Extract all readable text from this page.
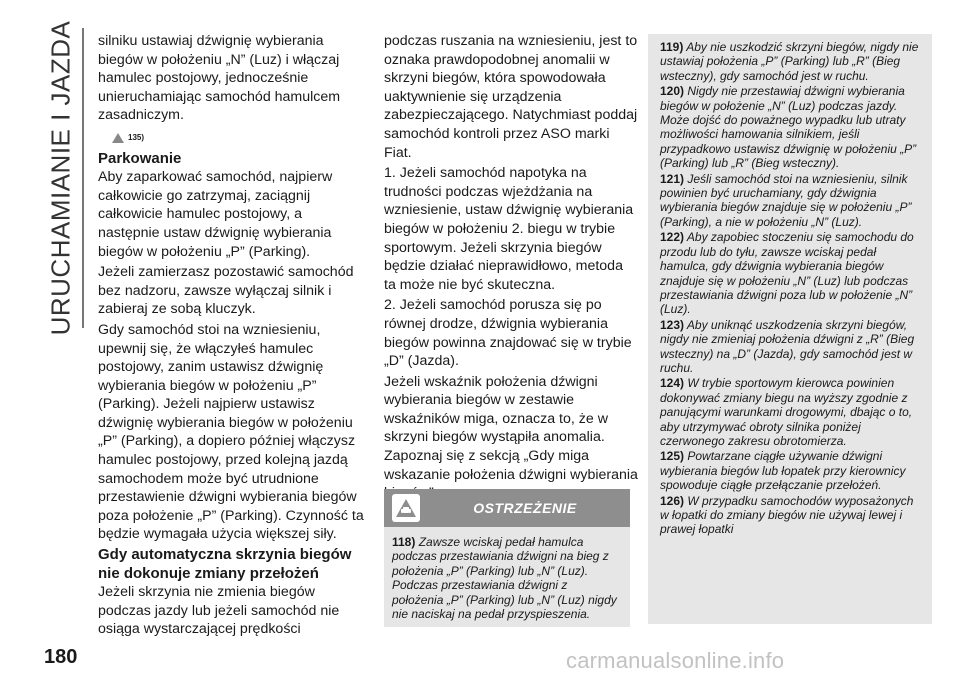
URUCHAMIANIE I JAZDA silniku ustawiaj dźwignię wybierania biegów w położeniu „N” (Luz) i włączaj hamulec postojowy, jednocześnie unieruchamiając samochód hamulcem zasadniczym.

135)
Parkowanie

Aby zaparkować samochód, najpierw całkowicie go zatrzymaj, zaciągnij całkowicie hamulec postojowy, a następnie ustaw dźwignię wybierania biegów w położeniu „P” (Parking).

Jeżeli zamierzasz pozostawić samochód bez nadzoru, zawsze wyłączaj silnik i zabieraj ze sobą kluczyk.

Gdy samochód stoi na wzniesieniu, upewnij się, że włączyłeś hamulec postojowy, zanim ustawisz dźwignię wybierania biegów w położeniu „P” (Parking). Jeżeli najpierw ustawisz dźwignię wybierania biegów w położeniu „P” (Parking), a dopiero później włączysz hamulec postojowy, przed kolejną jazdą samochodem może być utrudnione przestawienie dźwigni wybierania biegów poza położenie „P” (Parking). Czynność ta będzie wymagała użycia większej siły.

Gdy automatyczna skrzynia biegów nie dokonuje zmiany przełożeń

Jeżeli skrzynia nie zmienia biegów podczas jazdy lub jeżeli samochód nie osiąga wystarczającej prędkości

podczas ruszania na wzniesieniu, jest to oznaka prawdopodobnej anomalii w skrzyni biegów, która spowodowała uaktywnienie się urządzenia zabezpieczającego. Natychmiast poddaj samochód kontroli przez ASO marki Fiat.

1. Jeżeli samochód napotyka na trudności podczas wjeżdżania na wzniesienie, ustaw dźwignię wybierania biegów w położeniu 2. biegu w trybie sportowym. Jeżeli skrzynia biegów będzie działać nieprawidłowo, metoda ta może nie być skuteczna.

2. Jeżeli samochód porusza się po równej drodze, dźwignia wybierania biegów powinna znajdować się w trybie „D” (Jazda).

Jeżeli wskaźnik położenia dźwigni wybierania biegów w zestawie wskaźników miga, oznacza to, że w skrzyni biegów wystąpiła anomalia. Zapoznaj się z sekcją „Gdy miga wskazanie położenia dźwigni wybierania

OSTRZEŻENIE
118) Zawsze wciskaj pedał hamulca podczas przestawiania dźwigni na bieg z położenia „P” (Parking) lub „N” (Luz). Podczas przestawiania dźwigni z położenia „P” (Parking) lub „N” (Luz) nigdy nie naciskaj na pedał przyspieszenia.

119) Aby nie uszkodzić skrzyni biegów, nigdy nie ustawiaj położenia „P” (Parking) lub „R” (Bieg wsteczny), gdy samochód jest w ruchu.

120) Nigdy nie przestawiaj dźwigni wybierania biegów w położenie „N” (Luz) podczas jazdy. Może dojść do poważnego wypadku lub utraty możliwości hamowania silnikiem, jeśli przypadkowo ustawisz dźwignię w położeniu „P” (Parking) lub „R” (Bieg wsteczny).

121) Jeśli samochód stoi na wzniesieniu, silnik powinien być uruchamiany, gdy dźwignia wybierania biegów znajduje się w położeniu „P” (Parking), a nie w położeniu „N” (Luz).

122) Aby zapobiec stoczeniu się samochodu do przodu lub do tyłu, zawsze wciskaj pedał hamulca, gdy dźwignia wybierania biegów znajduje się w położeniu „N” (Luz) lub podczas przestawiania dźwigni poza lub w położenie „N” (Luz).

123) Aby uniknąć uszkodzenia skrzyni biegów, nigdy nie zmieniaj położenia dźwigni z „R” (Bieg wsteczny) na „D” (Jazda), gdy samochód jest w ruchu.

124) W trybie sportowym kierowca powinien dokonywać zmiany biegu na wyższy zgodnie z panującymi warunkami drogowymi, dbając o to, aby utrzymywać obroty silnika poniżej czerwonego zakresu obrotomierza.

125) Powtarzane ciągłe używanie dźwigni wybierania biegów lub łopatek przy kierownicy spowoduje ciągłe przełączanie przełożeń.

126) W przypadku samochodów wyposażonych w łopatki do zmiany biegów nie używaj lewej i prawej łopatki

180	carmanualsonline.info
